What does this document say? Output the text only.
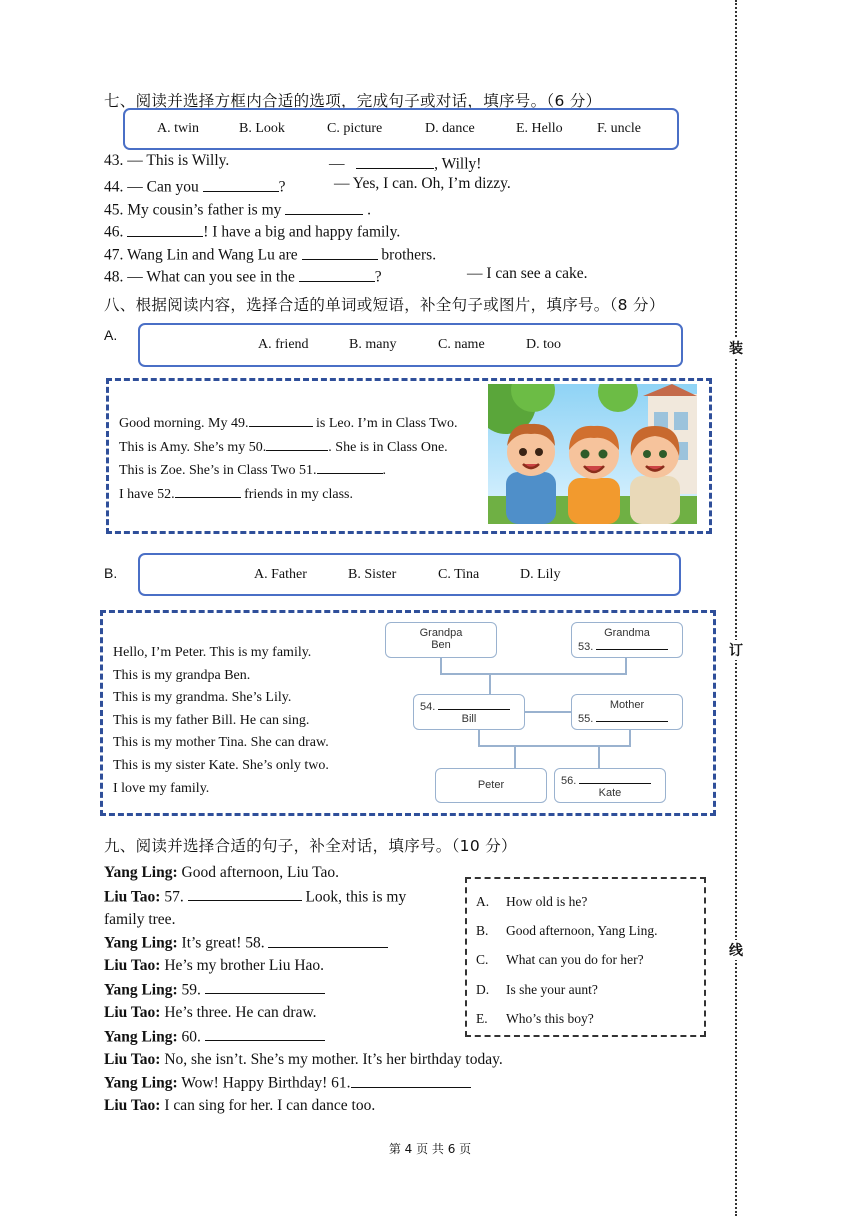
装
订
线
七、阅读并选择方框内合适的选项，完成句子或对话，填序号。（6 分）
A. twin	B. Look	C. picture	D. dance	E. Hello F. uncle
43. — This is Willy.	—	, Willy!
44. — Can you	?	— Yes, I can. Oh, I’m dizzy.
45. My cousin’s father is my	.
46.	! I have a big and happy family.
47. Wang Lin and Wang Lu are	brothers.
48. — What can you see in the	?	— I can see a cake.
八、根据阅读内容，选择合适的单词或短语，补全句子或图片，填序号。（8 分）
A.
A. friend	B. many	C. name	D. too
Good morning. My 49.	is Leo. I’m in Class Two.
This is Amy. She’s my 50.	. She is in Class One.
This is Zoe. She’s in Class Two 51.	.
I have 52.	friends in my class.
B.	A. Father	B. Sister	C. Tina	D. Lily
Hello, I’m Peter. This is my family.
This is my grandpa Ben.
This is my grandma. She’s Lily.
This is my father Bill. He can sing.
This is my mother Tina. She can draw.
This is my sister Kate. She’s only two.
I love my family.
Grandpa
Ben
Grandma
53.
54.
Bill
Mother
55.
Peter	56.
Kate
九、阅读并选择合适的句子，补全对话，填序号。（10 分）
Yang Ling: Good afternoon, Liu Tao.
Liu Tao: 57.	Look, this is my
family tree.
Yang Ling: It’s great! 58.
Liu Tao: He’s my brother Liu Hao.
Yang Ling: 59.
Liu Tao: He’s three. He can draw.
Yang Ling: 60.
Liu Tao: No, she isn’t. She’s my mother. It’s her birthday today.
Yang Ling: Wow! Happy Birthday! 61.
Liu Tao: I can sing for her. I can dance too.
A. How old is he?
B. Good afternoon, Yang Ling.
C. What can you do for her?
D. Is she your aunt?
E. Who’s this boy?
第 4 页 共 6 页
